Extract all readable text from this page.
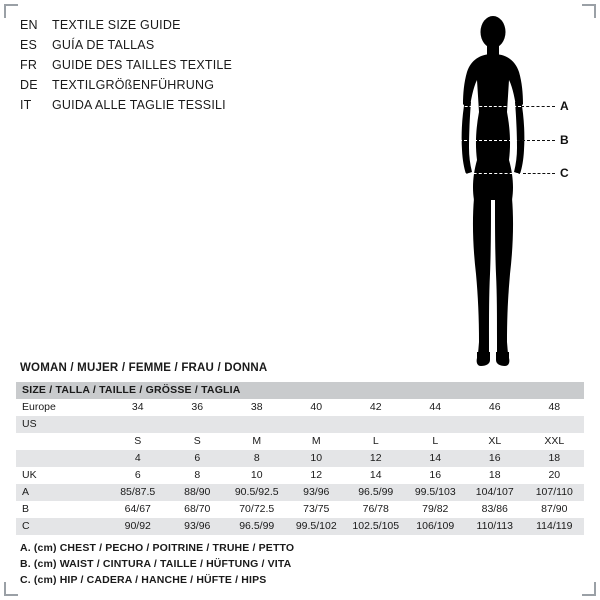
EN	TEXTILE SIZE GUIDE
ES	GUÍA DE TALLAS
FR	GUIDE DES TAILLES TEXTILE
DE	TEXTILGRÖßENFÜHRUNG
IT	GUIDA ALLE TAGLIE TESSILI	A
B
C
WOMAN / MUJER / FEMME / FRAU / DONNA
SIZE / TALLA / TAILLE / GRÖSSE / TAGLIA								
Europe	34	36	38	40	42	44	46	48
US								
	S	S	M	M	L	L	XL	XXL
	4	6	8	10	12	14	16	18
UK	6	8	10	12	14	16	18	20
A	85/87.5	88/90	90.5/92.5	93/96	96.5/99	99.5/103	104/107	107/110
B	64/67	68/70	70/72.5	73/75	76/78	79/82	83/86	87/90
C	90/92	93/96	96.5/99	99.5/102	102.5/105	106/109	110/113	114/119
A. (cm) CHEST / PECHO / POITRINE / TRUHE / PETTO
B. (cm) WAIST / CINTURA / TAILLE / HÜFTUNG / VITA
C. (cm) HIP / CADERA / HANCHE / HÜFTE / HIPS
